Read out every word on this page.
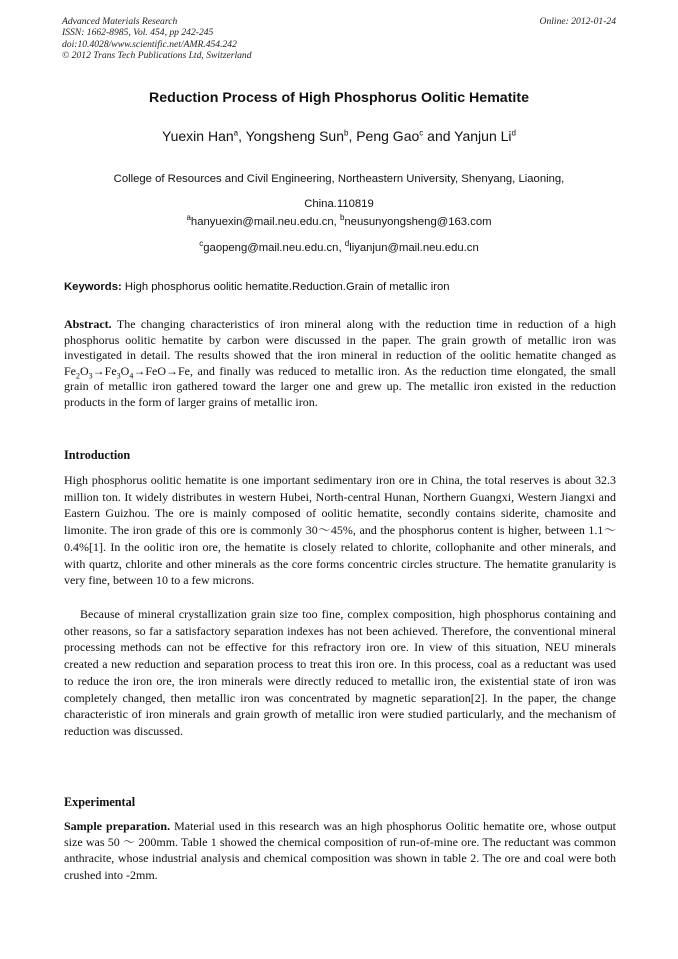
Advanced Materials Research
ISSN: 1662-8985, Vol. 454, pp 242-245
doi:10.4028/www.scientific.net/AMR.454.242
© 2012 Trans Tech Publications Ltd, Switzerland
Online: 2012-01-24
Reduction Process of High Phosphorus Oolitic Hematite
Yuexin Han$^a$, Yongsheng Sun$^b$, Peng Gao$^c$ and Yanjun Li$^d$
College of Resources and Civil Engineering, Northeastern University, Shenyang, Liaoning,
China.110819
$^a$hanyuexin@mail.neu.edu.cn, $^b$neusunyongsheng@163.com
$^c$gaopeng@mail.neu.edu.cn, $^d$liyanjun@mail.neu.edu.cn
Keywords: High phosphorus oolitic hematite.Reduction.Grain of metallic iron
Abstract. The changing characteristics of iron mineral along with the reduction time in reduction of a high phosphorus oolitic hematite by carbon were discussed in the paper. The grain growth of metallic iron was investigated in detail. The results showed that the iron mineral in reduction of the oolitic hematite changed as $Fe_2O_3\to Fe_3O_4\to FeO\to Fe$, and finally was reduced to metallic iron. As the reduction time elongated, the small grain of metallic iron gathered toward the larger one and grew up. The metallic iron existed in the reduction products in the form of larger grains of metallic iron.
Introduction
High phosphorus oolitic hematite is one important sedimentary iron ore in China, the total reserves is about 32.3 million ton. It widely distributes in western Hubei, North-central Hunan, Northern Guangxi, Western Jiangxi and Eastern Guizhou. The ore is mainly composed of oolitic hematite, secondly contains siderite, chamosite and limonite. The iron grade of this ore is commonly 30～45%, and the phosphorus content is higher, between 1.1～0.4%[1]. In the oolitic iron ore, the hematite is closely related to chlorite, collophanite and other minerals, and with quartz, chlorite and other minerals as the core forms concentric circles structure. The hematite granularity is very fine, between 10 to a few microns.
Because of mineral crystallization grain size too fine, complex composition, high phosphorus containing and other reasons, so far a satisfactory separation indexes has not been achieved. Therefore, the conventional mineral processing methods can not be effective for this refractory iron ore. In view of this situation, NEU minerals created a new reduction and separation process to treat this iron ore. In this process, coal as a reductant was used to reduce the iron ore, the iron minerals were directly reduced to metallic iron, the existential state of iron was completely changed, then metallic iron was concentrated by magnetic separation[2]. In the paper, the change characteristic of iron minerals and grain growth of metallic iron were studied particularly, and the mechanism of reduction was discussed.
Experimental
Sample preparation. Material used in this research was an high phosphorus Oolitic hematite ore, whose output size was 50 ～ 200mm. Table 1 showed the chemical composition of run-of-mine ore. The reductant was common anthracite, whose industrial analysis and chemical composition was shown in table 2. The ore and coal were both crushed into -2mm.
